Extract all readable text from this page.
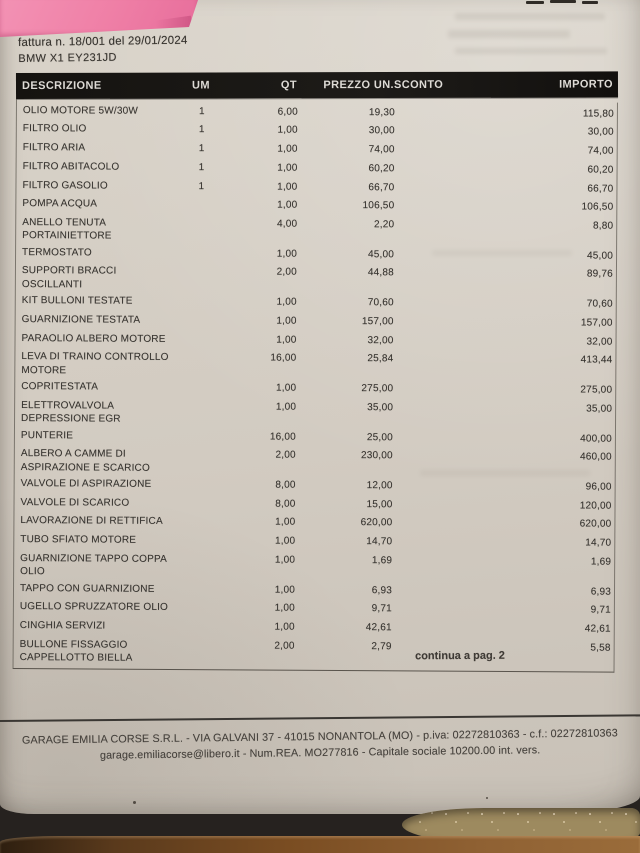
fattura n. 18/001 del 29/01/2024
BMW X1 EY231JD
DESCRIZIONE	UM	QT	PREZZO UN. SCONTO	IMPORTO
OLIO MOTORE 5W/30W	1	6,00	19,30	115,80
FILTRO OLIO	1	1,00	30,00	30,00
FILTRO ARIA	1	1,00	74,00	74,00
FILTRO ABITACOLO	1	1,00	60,20	60,20
FILTRO GASOLIO	1	1,00	66,70	66,70
POMPA ACQUA	1,00	106,50	106,50
ANELLO TENUTA PORTAINIETTORE
4,00	2,20	8,80
TERMOSTATO	1,00	45,00	45,00
SUPPORTI BRACCI OSCILLANTI
2,00	44,88	89,76
KIT BULLONI TESTATE	1,00	70,60	70,60
GUARNIZIONE TESTATA	1,00	157,00	157,00
PARAOLIO ALBERO MOTORE	1,00	32,00	32,00
LEVA DI TRAINO CONTROLLO MOTORE
16,00	25,84	413,44
COPRITESTATA	1,00	275,00	275,00
ELETTROVALVOLA DEPRESSIONE EGR
1,00	35,00	35,00
PUNTERIE	16,00	25,00	400,00
ALBERO A CAMME DI ASPIRAZIONE E SCARICO
2,00	230,00	460,00
VALVOLE DI ASPIRAZIONE	8,00	12,00	96,00
VALVOLE DI SCARICO	8,00	15,00	120,00
LAVORAZIONE DI RETTIFICA	1,00	620,00	620,00
TUBO SFIATO MOTORE	1,00	14,70	14,70
GUARNIZIONE TAPPO COPPA OLIO
1,00	1,69	1,69
TAPPO CON GUARNIZIONE	1,00	6,93	6,93
UGELLO SPRUZZATORE OLIO	1,00	9,71	9,71
CINGHIA SERVIZI	1,00	42,61	42,61
BULLONE FISSAGGIO CAPPELLOTTO BIELLA
2,00	2,79	5,58
continua a pag. 2
GARAGE EMILIA CORSE S.R.L. - VIA GALVANI 37 - 41015 NONANTOLA (MO) - p.iva: 02272810363 - c.f.: 02272810363
garage.emiliacorse@libero.it - Num.REA. MO277816 - Capitale sociale 10200.00 int. vers.
